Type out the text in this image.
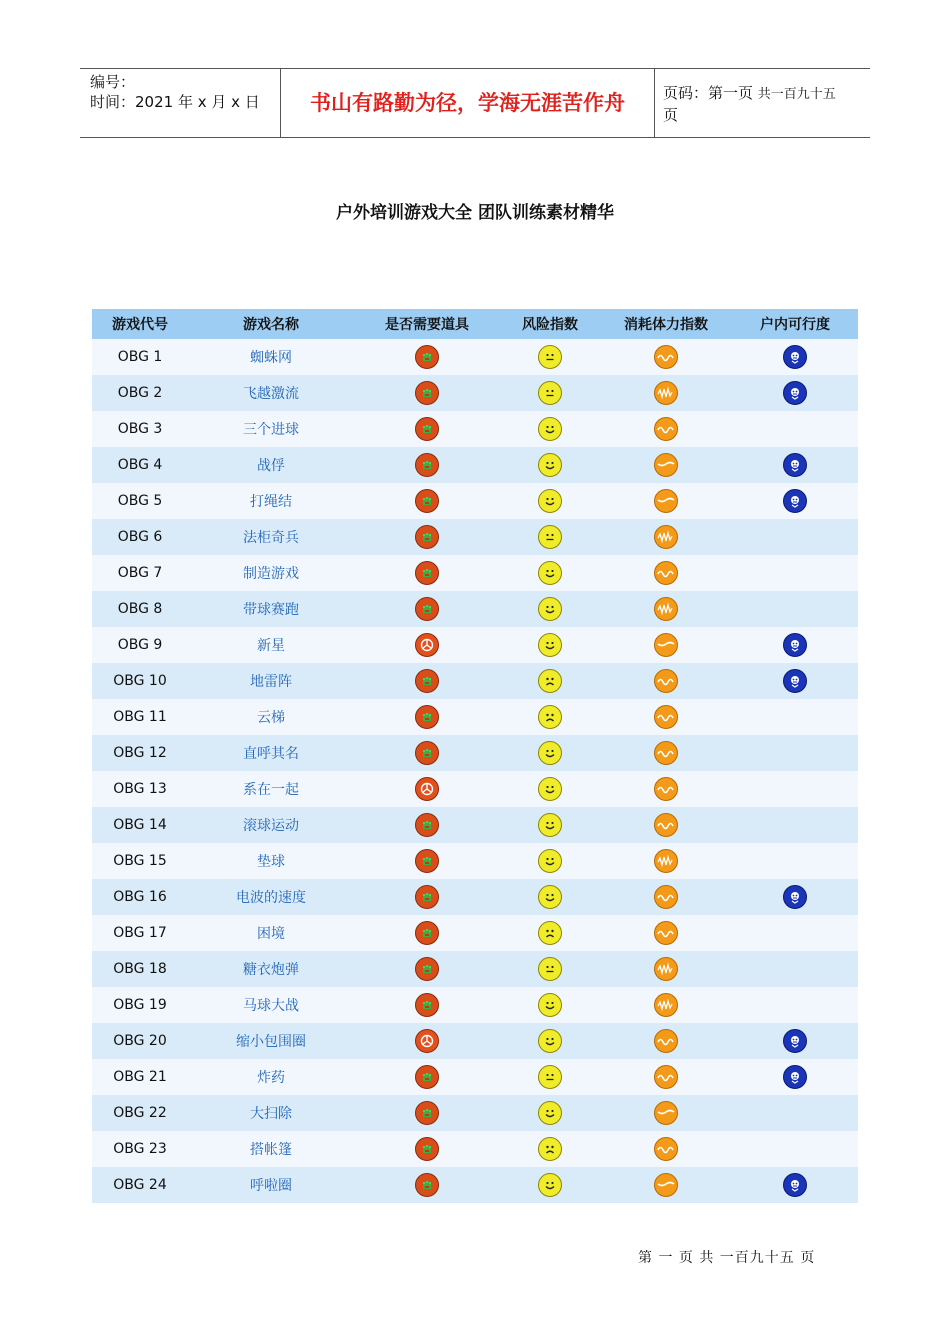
编号：
时间：2021 年 x 月 x 日	书山有路勤为径，学海无涯苦作舟	页码：第一页 共一百九十五
页
户外培训游戏大全 团队训练素材精华
游戏代号	游戏名称	是否需要道具	风险指数	消耗体力指数	户内可行度
OBG 1	蜘蛛网
OBG 2	飞越激流
OBG 3	三个进球
OBG 4	战俘
OBG 5	打绳结
OBG 6	法柜奇兵
OBG 7	制造游戏
OBG 8	带球赛跑
OBG 9	新星
OBG 10	地雷阵
OBG 11	云梯
OBG 12	直呼其名
OBG 13	系在一起
OBG 14	滚球运动
OBG 15	垫球
OBG 16	电波的速度
OBG 17	困境
OBG 18	糖衣炮弹
OBG 19	马球大战
OBG 20	缩小包围圈
OBG 21	炸药
OBG 22	大扫除
OBG 23	搭帐篷
OBG 24	呼啦圈
第 一 页 共 一百九十五 页
